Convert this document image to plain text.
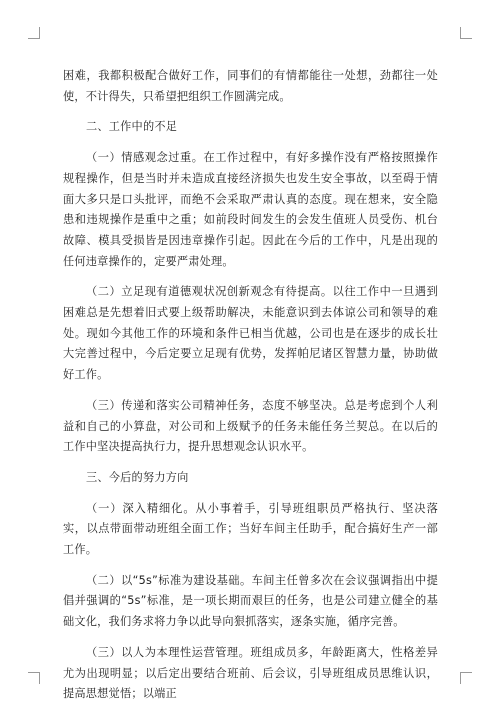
困难，我都积极配合做好工作，同事们的有情都能往一处想，劲都往一处使，不计得失，只希望把组织工作圆满完成。

二、工作中的不足

（一）情感观念过重。在工作过程中，有好多操作没有严格按照操作规程操作，但是当时并未造成直接经济损失也发生安全事故，以至碍于情面大多只是口头批评，而绝不会采取严肃认真的态度。现在想来，安全隐患和违规操作是重中之重；如前段时间发生的会发生值班人员受伤、机台故障、模具受损皆是因违章操作引起。因此在今后的工作中，凡是出现的任何违章操作的，定要严肃处理。

（二）立足现有道德观状况创新观念有待提高。以往工作中一旦遇到困难总是先想着旧式要上级帮助解决，未能意识到去体谅公司和领导的难处。现如今其他工作的环境和条件已相当优越，公司也是在逐步的成长壮大完善过程中，今后定要立足现有优势，发挥帕尼诸区智慧力量，协助做好工作。

（三）传递和落实公司精神任务，态度不够坚决。总是考虑到个人利益和自己的小算盘，对公司和上级赋予的任务未能任务兰契总。在以后的工作中坚决提高执行力，提升思想观念认识水平。

三、今后的努力方向

（一）深入精细化。从小事着手，引导班组职员严格执行、坚决落实，以点带面带动班组全面工作；当好车间主任助手，配合搞好生产一部工作。

（二）以“5s”标准为建设基础。车间主任曾多次在会议强调指出中提倡并强调的“5s”标准，是一项长期而艰巨的任务，也是公司建立健全的基础文化，我们务求将力争以此导向狠抓落实，逐条实施，循序完善。

（三）以人为本理性运营管理。班组成员多，年龄距离大，性格差异尤为出现明显；以后定出要结合班前、后会议，引导班组成员思维认识，提高思想觉悟；以端正
